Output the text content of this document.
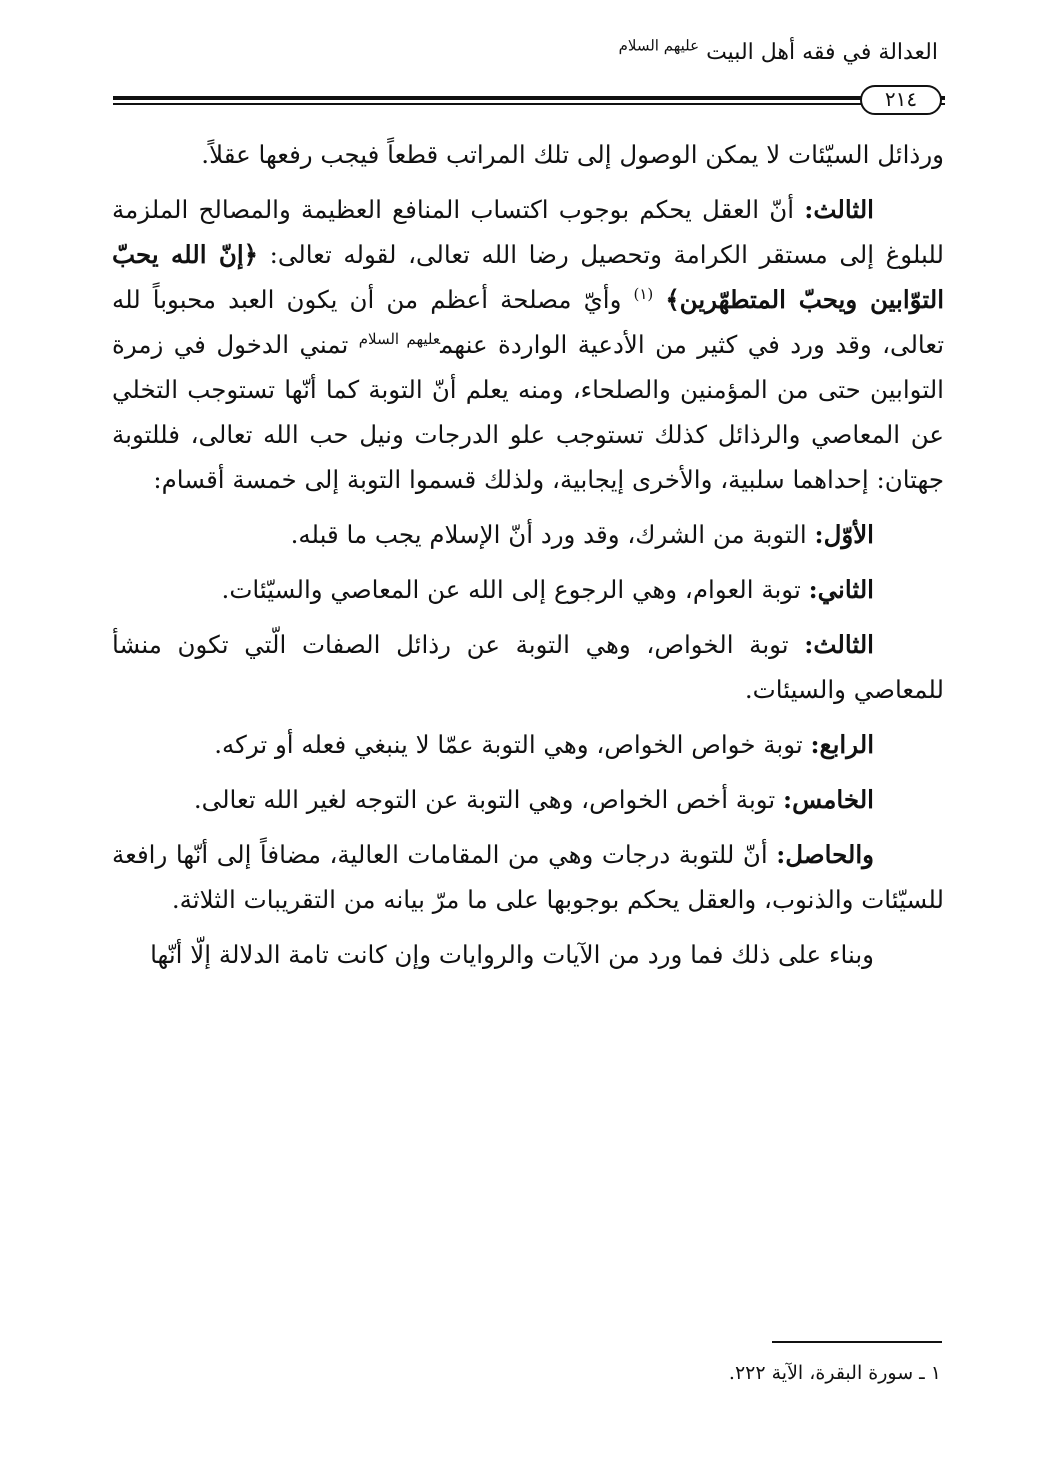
العدالة في فقه أهل البيت $^{عليهم السلام}$
٢١٤

ورذائل السيّئات لا يمكن الوصول إلى تلك المراتب قطعاً فيجب رفعها عقلاً.

الثالث: أنّ العقل يحكم بوجوب اكتساب المنافع العظيمة والمصالح الملزمة للبلوغ إلى مستقر الكرامة وتحصيل رضا الله تعالى، لقوله تعالى: ﴿إنّ الله يحبّ التوّابين ويحبّ المتطهّرين﴾ $^{(١)}$ وأيّ مصلحة أعظم من أن يكون العبد محبوباً لله تعالى، وقد ورد في كثير من الأدعية الواردة عنهم$^{عليهم السلام}$ تمني الدخول في زمرة التوابين حتى من المؤمنين والصلحاء، ومنه يعلم أنّ التوبة كما أنّها تستوجب التخلي عن المعاصي والرذائل كذلك تستوجب علو الدرجات ونيل حب الله تعالى، فللتوبة جهتان: إحداهما سلبية، والأخرى إيجابية، ولذلك قسموا التوبة إلى خمسة أقسام:

الأوّل: التوبة من الشرك، وقد ورد أنّ الإسلام يجب ما قبله.

الثاني: توبة العوام، وهي الرجوع إلى الله عن المعاصي والسيّئات.

الثالث: توبة الخواص، وهي التوبة عن رذائل الصفات الّتي تكون منشأ للمعاصي والسيئات.

الرابع: توبة خواص الخواص، وهي التوبة عمّا لا ينبغي فعله أو تركه.

الخامس: توبة أخص الخواص، وهي التوبة عن التوجه لغير الله تعالى.

والحاصل: أنّ للتوبة درجات وهي من المقامات العالية، مضافاً إلى أنّها رافعة للسيّئات والذنوب، والعقل يحكم بوجوبها على ما مرّ بيانه من التقريبات الثلاثة.

وبناء على ذلك فما ورد من الآيات والروايات وإن كانت تامة الدلالة إلّا أنّها

١ ـ سورة البقرة، الآية ٢٢٢.
